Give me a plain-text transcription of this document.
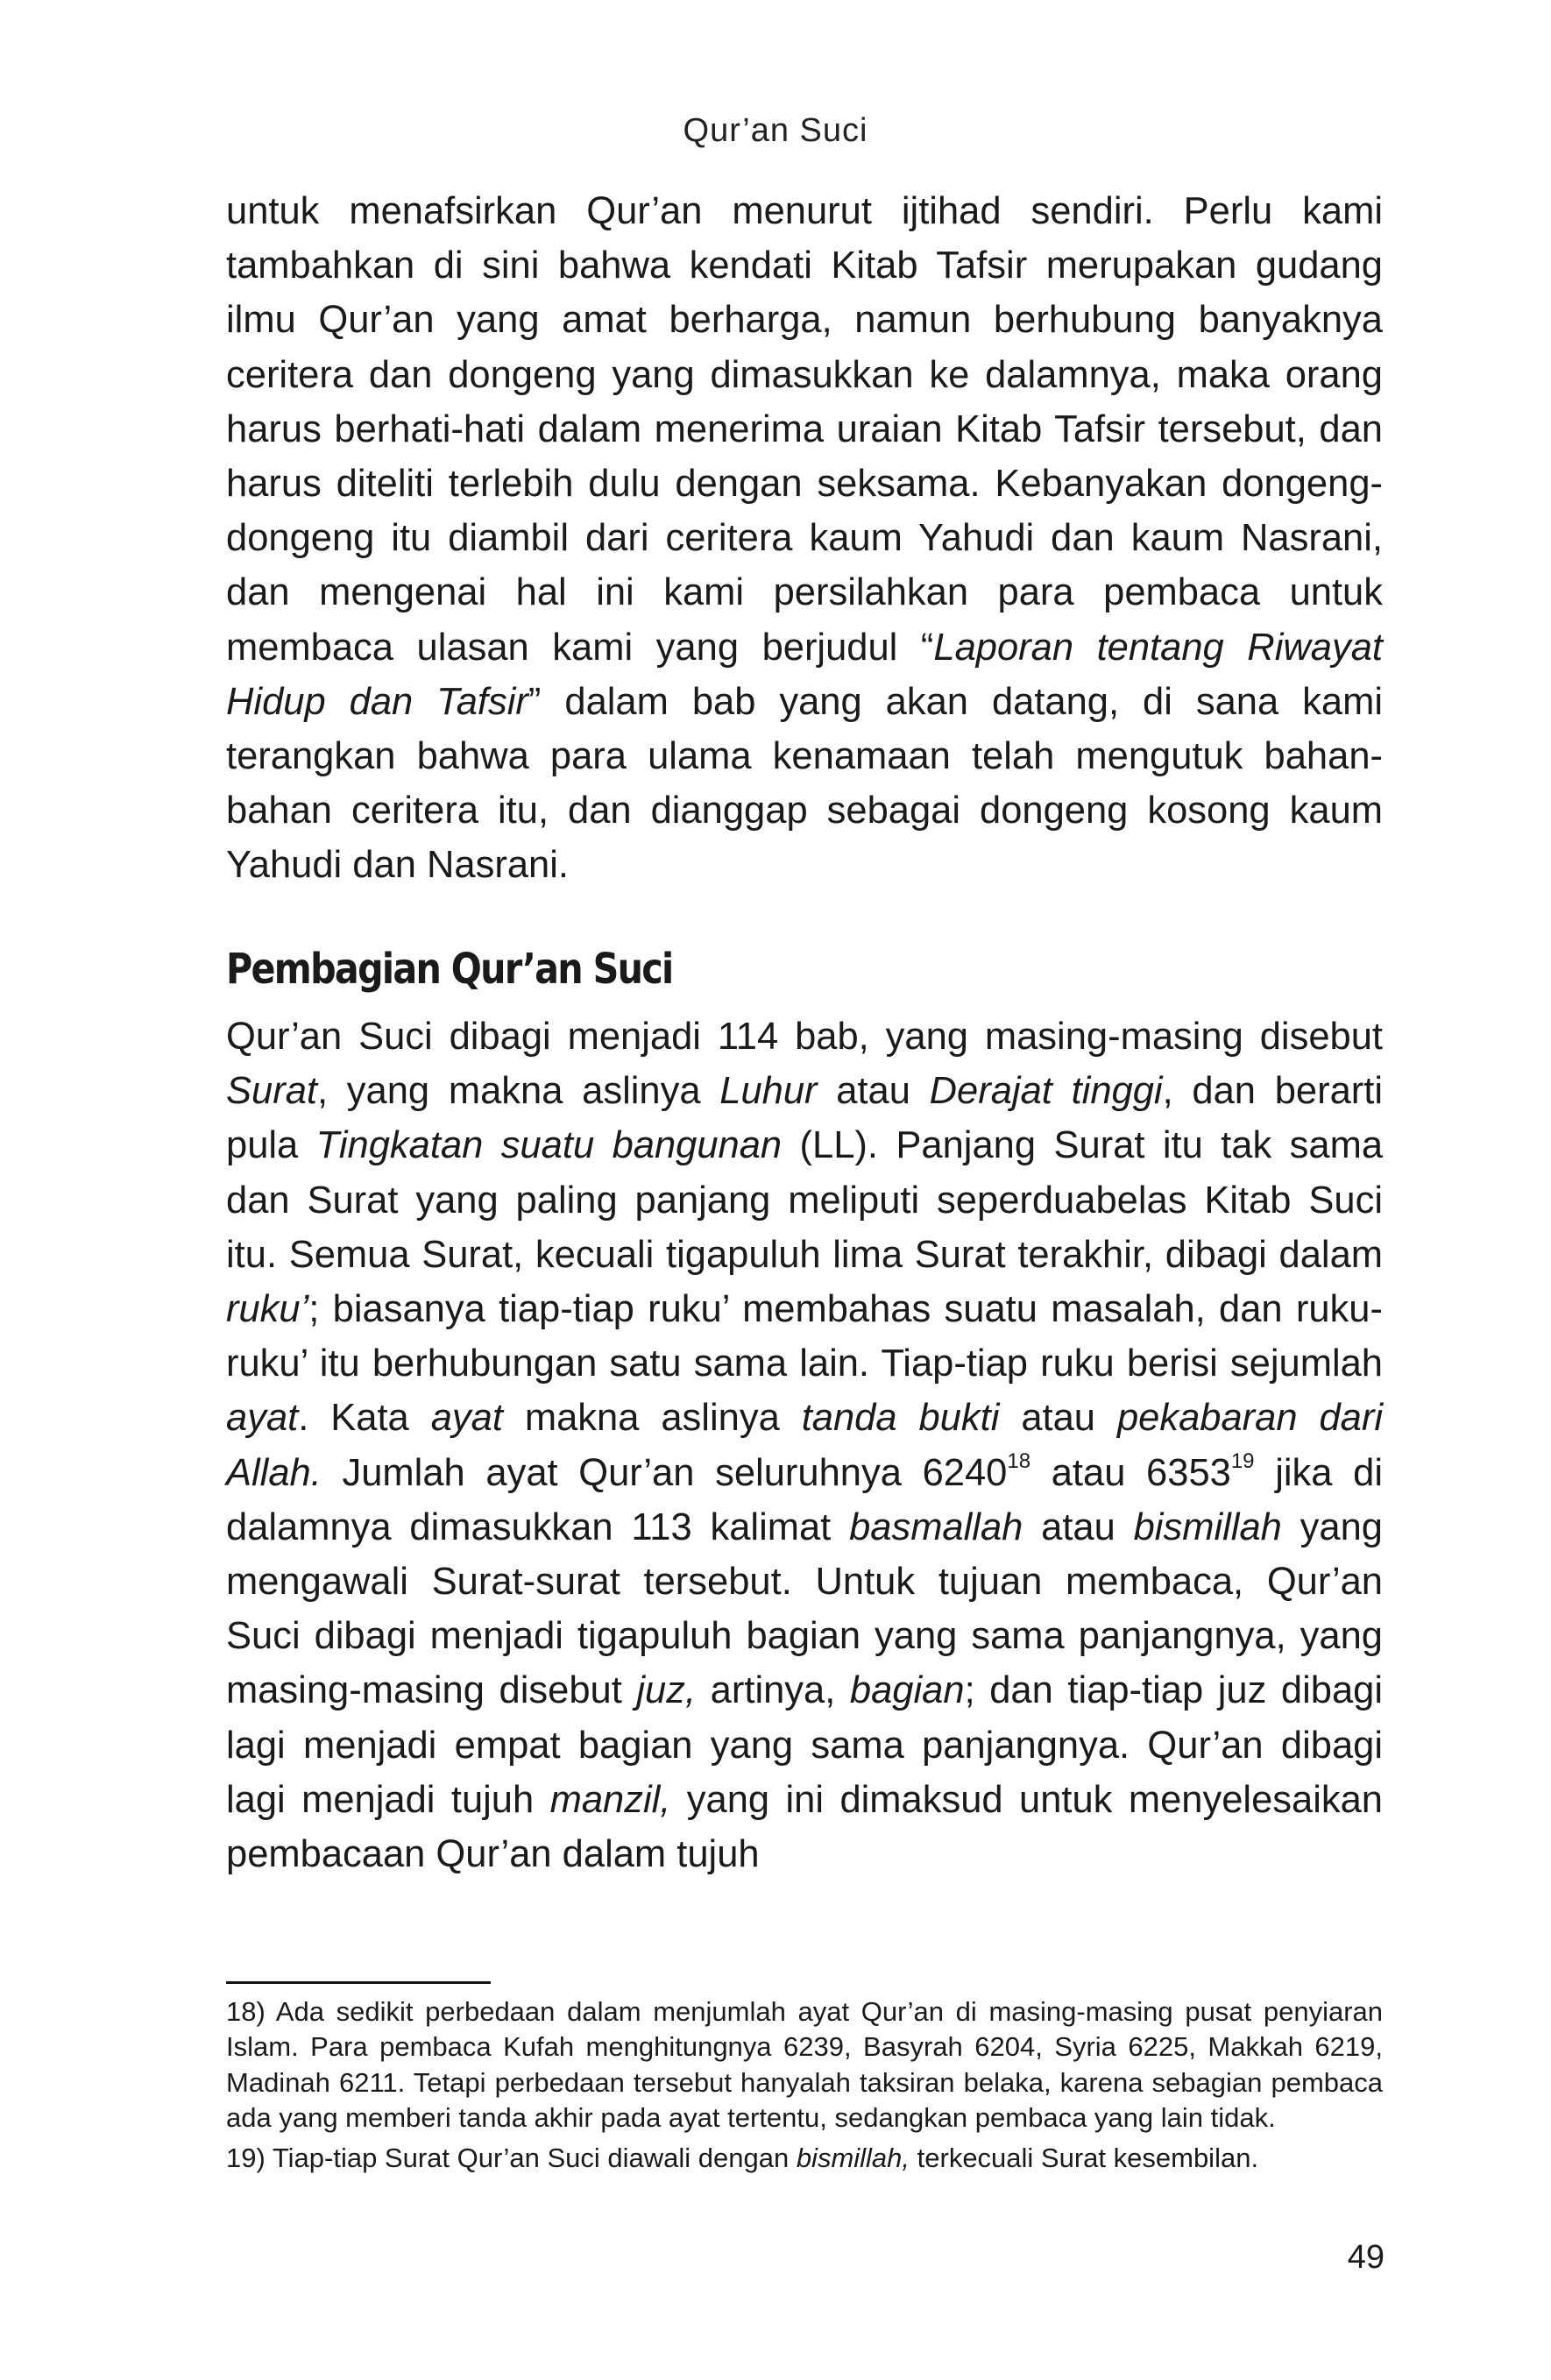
Qur’an Suci

untuk menafsirkan Qur’an menurut ijtihad sendiri. Perlu kami tambahkan di sini bahwa kendati Kitab Tafsir merupakan gudang ilmu Qur’an yang amat berharga, namun berhubung banyaknya ceritera dan dongeng yang dimasukkan ke dalamnya, maka orang harus berhati-hati dalam menerima uraian Kitab Tafsir tersebut, dan harus diteliti terlebih dulu dengan seksama. Kebanyakan dongeng-dongeng itu diambil dari ceritera kaum Yahudi dan kaum Nasrani, dan mengenai hal ini kami persilahkan para pembaca untuk membaca ulasan kami yang berjudul “Laporan tentang Riwayat Hidup dan Tafsir” dalam bab yang akan datang, di sana kami terangkan bahwa para ulama kenamaan telah mengutuk bahan-bahan ceritera itu, dan dianggap sebagai dongeng kosong kaum Yahudi dan Nasrani.

Pembagian Qur’an Suci

Qur’an Suci dibagi menjadi 114 bab, yang masing-masing disebut Surat, yang makna aslinya Luhur atau Derajat tinggi, dan berarti pula Tingkatan suatu bangunan (LL). Panjang Surat itu tak sama dan Surat yang paling panjang meliputi seperduabelas Kitab Suci itu. Semua Surat, kecuali tigapuluh lima Surat terakhir, dibagi dalam ruku’; biasanya tiap-tiap ruku’ membahas suatu masalah, dan ruku-ruku’ itu berhubungan satu sama lain. Tiap-tiap ruku berisi sejumlah ayat. Kata ayat makna aslinya tanda bukti atau pekabaran dari Allah. Jumlah ayat Qur’an seluruhnya 6240$^{18}$ atau 6353$^{19}$ jika di dalamnya dimasukkan 113 kalimat basmallah atau bismillah yang mengawali Surat-surat tersebut. Untuk tujuan membaca, Qur’an Suci dibagi menjadi tigapuluh bagian yang sama panjangnya, yang masing-masing disebut juz, artinya, bagian; dan tiap-tiap juz dibagi lagi menjadi empat bagian yang sama panjangnya. Qur’an dibagi lagi menjadi tujuh manzil, yang ini dimaksud untuk menyelesaikan pembacaan Qur’an dalam tujuh

18) Ada sedikit perbedaan dalam menjumlah ayat Qur’an di masing-masing pusat penyiaran Islam. Para pembaca Kufah menghitungnya 6239, Basyrah 6204, Syria 6225, Makkah 6219, Madinah 6211. Tetapi perbedaan tersebut hanyalah taksiran belaka, karena sebagian pembaca ada yang memberi tanda akhir pada ayat tertentu, sedangkan pembaca yang lain tidak.

19) Tiap-tiap Surat Qur’an Suci diawali dengan bismillah, terkecuali Surat kesembilan.

49
